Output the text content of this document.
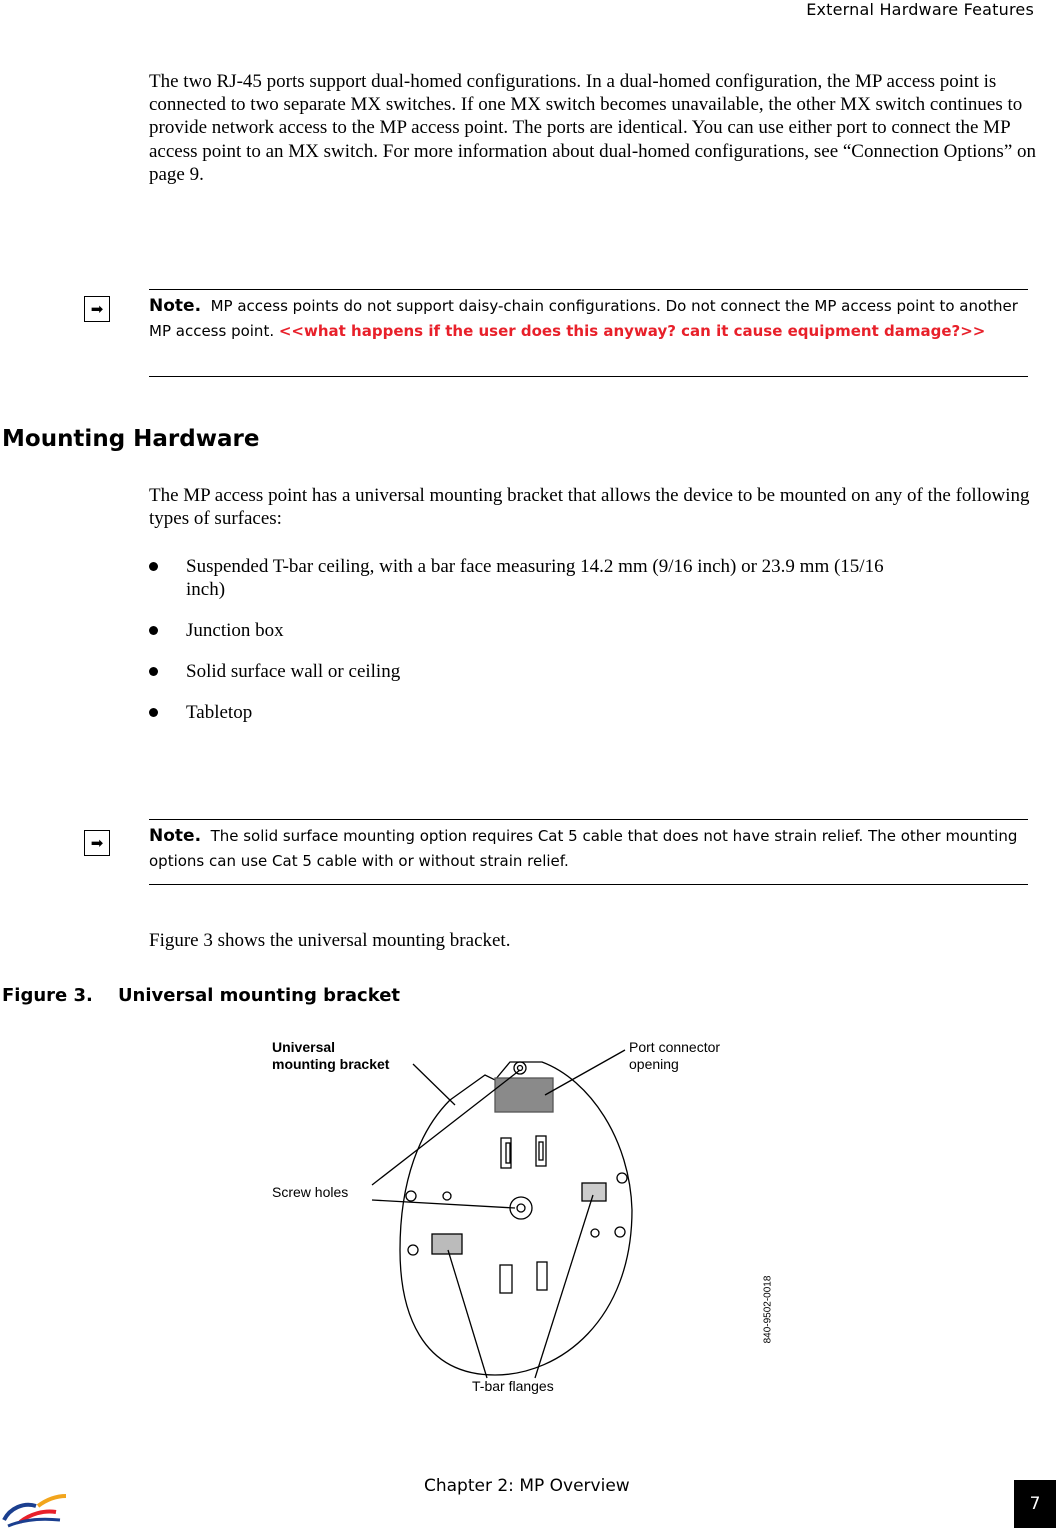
External Hardware Features
The two RJ-45 ports support dual-homed configurations. In a dual-homed configuration, the MP access point is connected to two separate MX switches. If one MX switch becomes unavailable, the other MX switch continues to provide network access to the MP access point. The ports are identical. You can use either port to connect the MP access point to an MX switch. For more information about dual-homed configurations, see “Connection Options” on page 9.
➡	Note. MP access points do not support daisy-chain configurations. Do not connect the MP access point to another MP access point. <<what happens if the user does this anyway? can it cause equipment damage?>>
Mounting Hardware
The MP access point has a universal mounting bracket that allows the device to be mounted on any of the following types of surfaces:
Suspended T-bar ceiling, with a bar face measuring 14.2 mm (9/16 inch) or 23.9 mm (15/16 inch)
Junction box
Solid surface wall or ceiling
Tabletop
➡	Note. The solid surface mounting option requires Cat 5 cable that does not have strain relief. The other mounting options can use Cat 5 cable with or without strain relief.
Figure 3 shows the universal mounting bracket.
Figure 3.    Universal mounting bracket
Universal
mounting bracket
Port connector
opening
Screw holes
T-bar flanges
840-9502-0018
Chapter 2: MP Overview
7
